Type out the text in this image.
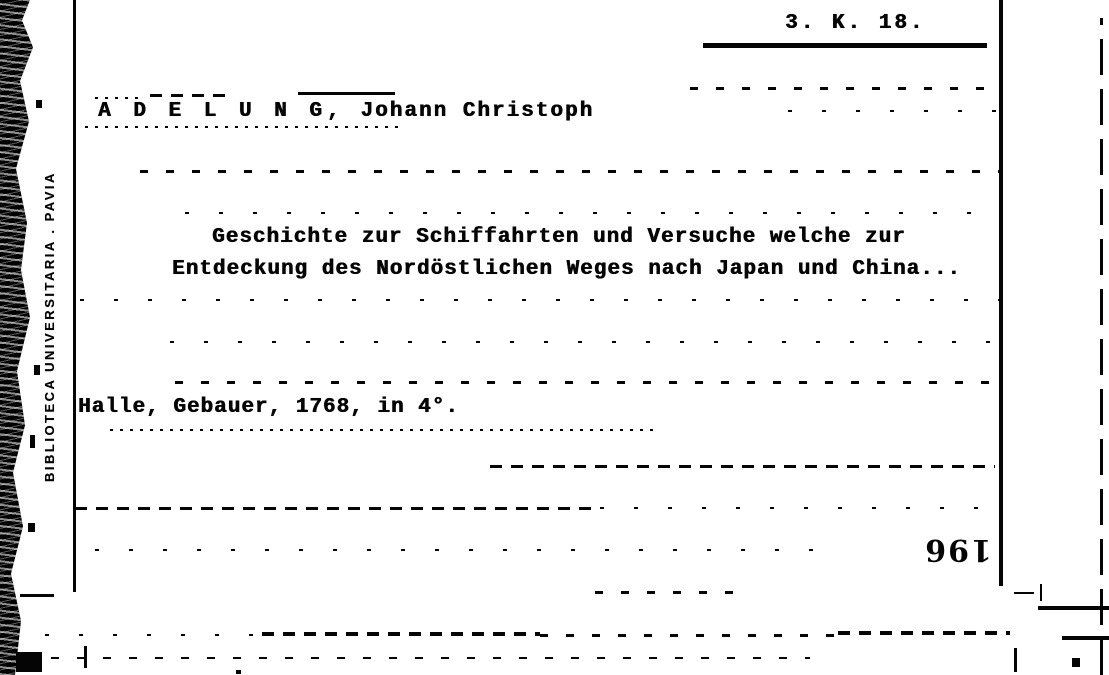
BIBLIOTECA UNIVERSITARIA . PAVIA
3. K. 18.
A D E L U N G, Johann Christoph
Geschichte zur Schiffahrten und Versuche welche zur
Entdeckung des Nordöstlichen Weges nach Japan und China...
Halle, Gebauer, 1768, in 4°.
196
